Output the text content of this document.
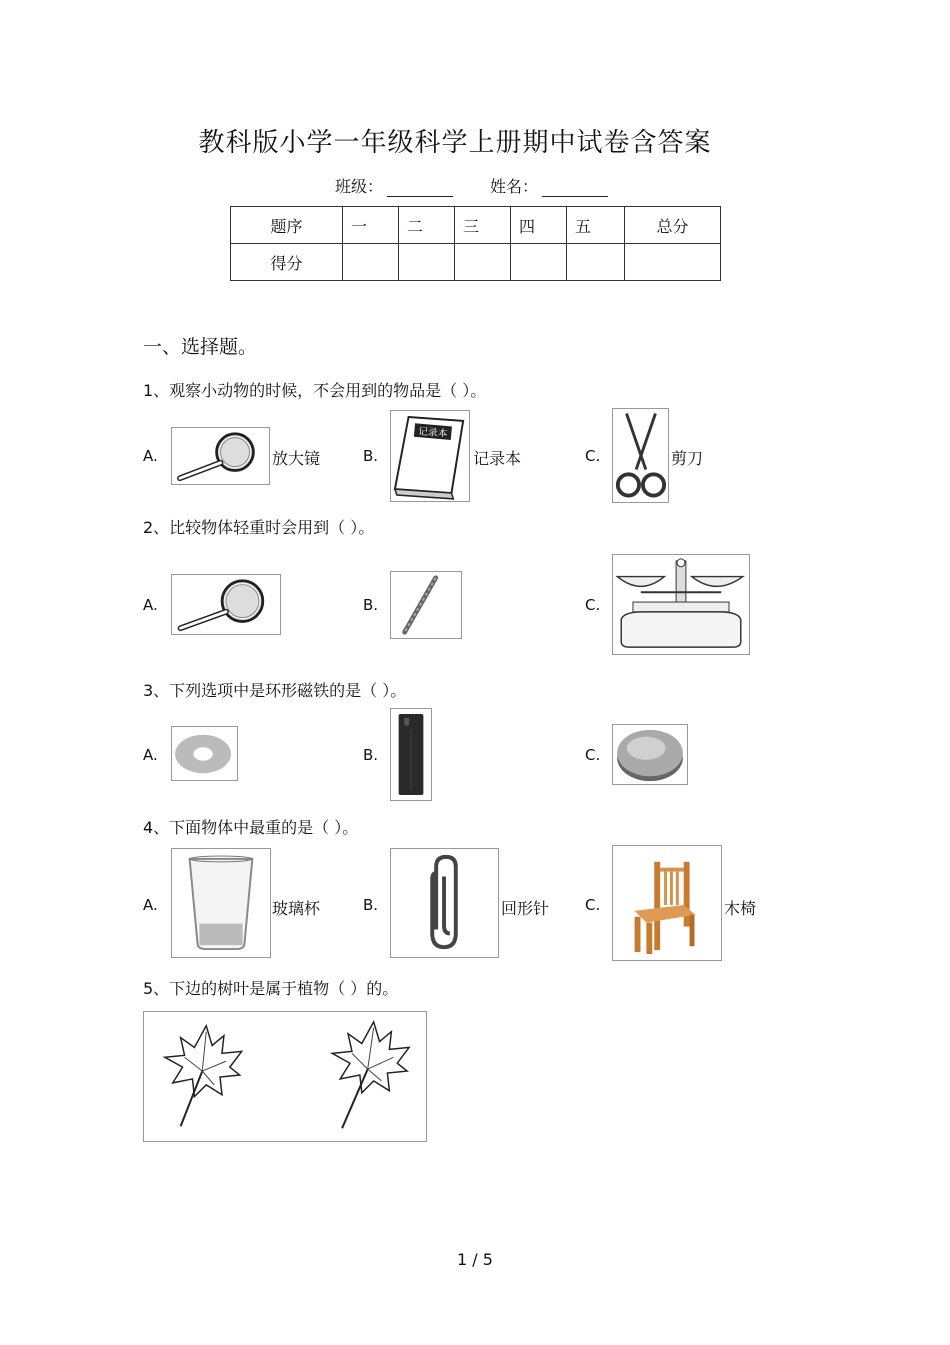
教科版小学一年级科学上册期中试卷含答案
班级：	姓名：
题序	一	二	三	四	五	总分
得分						
一、选择题。
1、观察小动物的时候，不会用到的物品是（ ）。
A.	放大镜	B.
记录本
记录本	C.	剪刀
2、比较物体轻重时会用到（ ）。
A.	B.	C.
3、下列选项中是环形磁铁的是（ ）。
A.	B.	C.
4、下面物体中最重的是（ ）。
A.	玻璃杯	B.	回形针 C.	木椅
5、下边的树叶是属于植物（ ）的。
1 / 5
